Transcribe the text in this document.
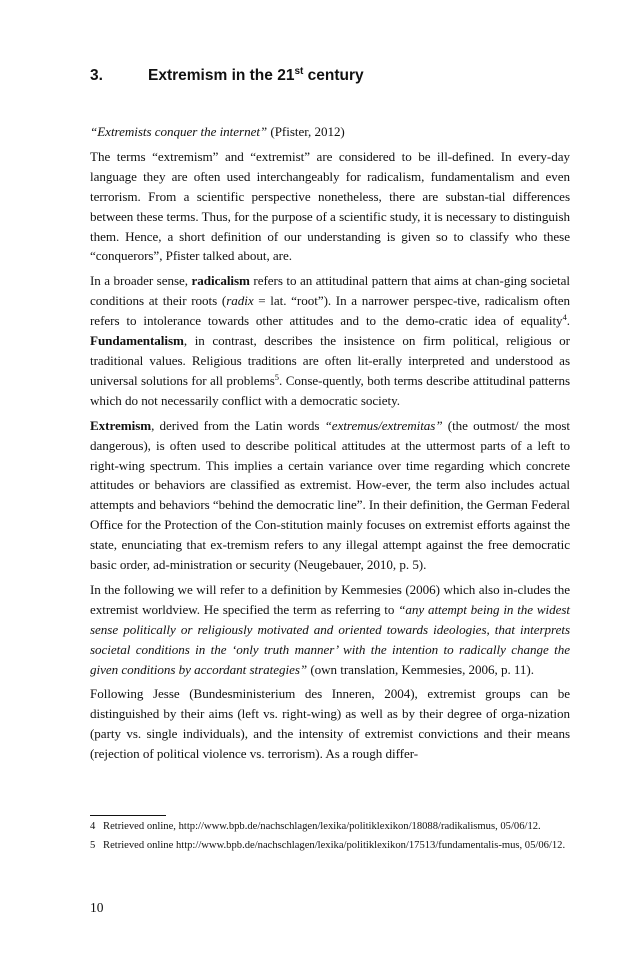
3.	Extremism in the 21st century

“Extremists conquer the internet” (Pfister, 2012)

The terms “extremism” and “extremist” are considered to be ill-defined. In every-day language they are often used interchangeably for radicalism, fundamentalism and even terrorism. From a scientific perspective nonetheless, there are substan-tial differences between these terms. Thus, for the purpose of a scientific study, it is necessary to distinguish them. Hence, a short definition of our understanding is given so to classify who these “conquerors”, Pfister talked about, are.

In a broader sense, radicalism refers to an attitudinal pattern that aims at chan-ging societal conditions at their roots (radix = lat. “root”). In a narrower perspec-tive, radicalism often refers to intolerance towards other attitudes and to the demo-cratic idea of equality$^4$. Fundamentalism, in contrast, describes the insistence on firm political, religious or traditional values. Religious traditions are often lit-erally interpreted and understood as universal solutions for all problems$^5$. Conse-quently, both terms describe attitudinal patterns which do not necessarily conflict with a democratic society.

Extremism, derived from the Latin words “extremus/extremitas” (the outmost/ the most dangerous), is often used to describe political attitudes at the uttermost parts of a left to right-wing spectrum. This implies a certain variance over time regarding which concrete attitudes or behaviors are classified as extremist. How-ever, the term also includes actual attempts and behaviors “behind the democratic line”. In their definition, the German Federal Office for the Protection of the Con-stitution mainly focuses on extremist efforts against the state, enunciating that ex-tremism refers to any illegal attempt against the free democratic basic order, ad-ministration or security (Neugebauer, 2010, p. 5).

In the following we will refer to a definition by Kemmesies (2006) which also in-cludes the extremist worldview. He specified the term as referring to “any attempt being in the widest sense politically or religiously motivated and oriented towards ideologies, that interprets societal conditions in the ‘only truth manner’ with the intention to radically change the given conditions by accordant strategies” (own translation, Kemmesies, 2006, p. 11).

Following Jesse (Bundesministerium des Inneren, 2004), extremist groups can be distinguished by their aims (left vs. right-wing) as well as by their degree of orga-nization (party vs. single individuals), and the intensity of extremist convictions and their means (rejection of political violence vs. terrorism). As a rough differ-

4 Retrieved online, http://www.bpb.de/nachschlagen/lexika/politiklexikon/18088/radikalismus, 05/06/12.
5 Retrieved online http://www.bpb.de/nachschlagen/lexika/politiklexikon/17513/fundamentalis-mus, 05/06/12.
10
